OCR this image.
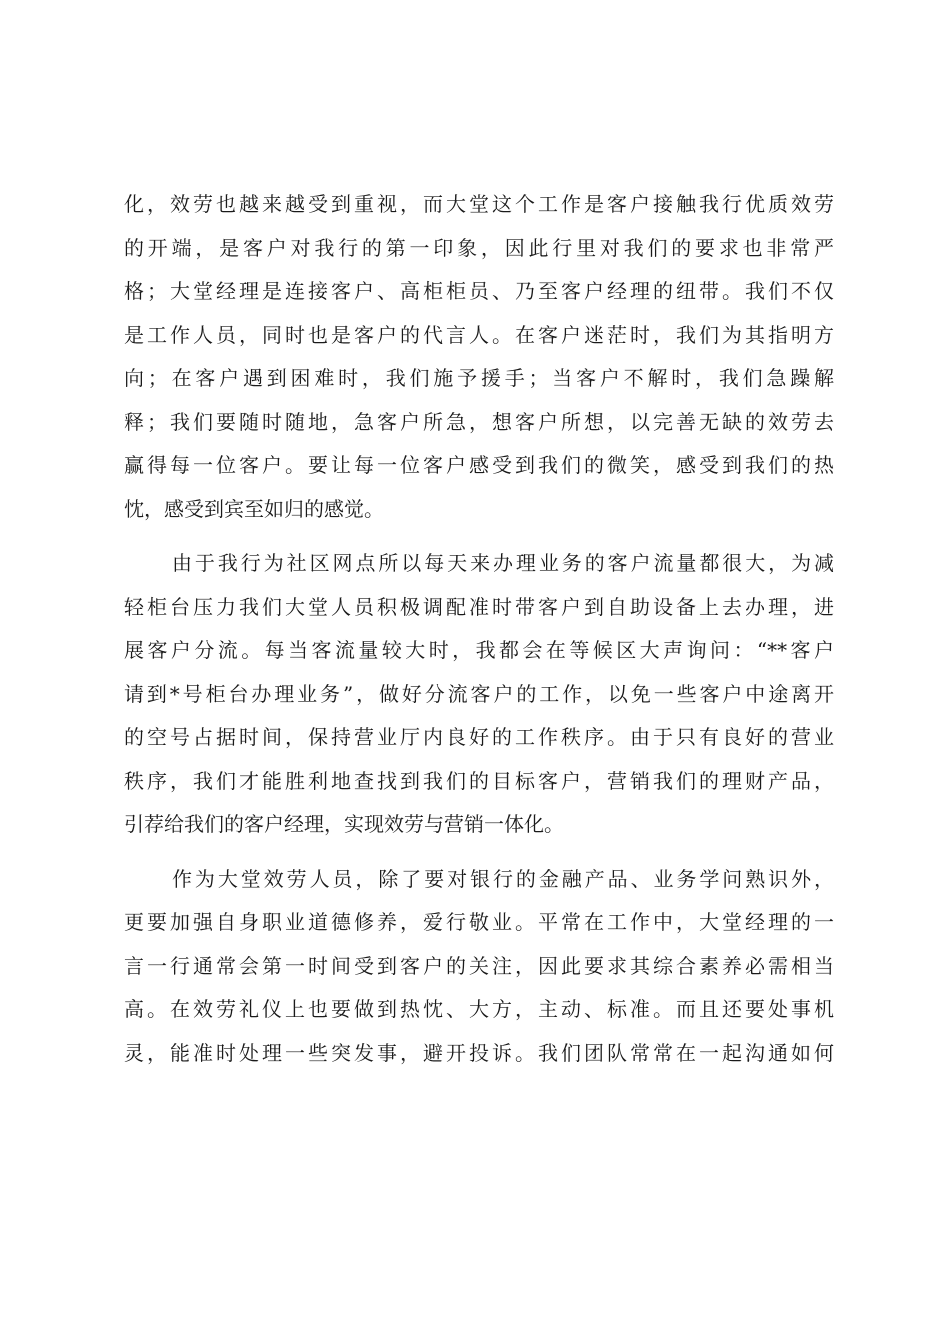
化，效劳也越来越受到重视，而大堂这个工作是客户接触我行优质效劳
的开端，是客户对我行的第一印象，因此行里对我们的要求也非常严
格；大堂经理是连接客户、高柜柜员、乃至客户经理的纽带。我们不仅
是工作人员，同时也是客户的代言人。在客户迷茫时，我们为其指明方
向；在客户遇到困难时，我们施予援手；当客户不解时，我们急躁解
释；我们要随时随地，急客户所急，想客户所想，以完善无缺的效劳去
赢得每一位客户。要让每一位客户感受到我们的微笑，感受到我们的热
忱，感受到宾至如归的感觉。
由于我行为社区网点所以每天来办理业务的客户流量都很大，为减
轻柜台压力我们大堂人员积极调配准时带客户到自助设备上去办理，进
展客户分流。每当客流量较大时，我都会在等候区大声询问：“**客户
请到*号柜台办理业务”，做好分流客户的工作，以免一些客户中途离开
的空号占据时间，保持营业厅内良好的工作秩序。由于只有良好的营业
秩序，我们才能胜利地查找到我们的目标客户，营销我们的理财产品，
引荐给我们的客户经理，实现效劳与营销一体化。
作为大堂效劳人员，除了要对银行的金融产品、业务学问熟识外，
更要加强自身职业道德修养，爱行敬业。平常在工作中，大堂经理的一
言一行通常会第一时间受到客户的关注，因此要求其综合素养必需相当
高。在效劳礼仪上也要做到热忱、大方，主动、标准。而且还要处事机
灵，能准时处理一些突发事，避开投诉。我们团队常常在一起沟通如何
